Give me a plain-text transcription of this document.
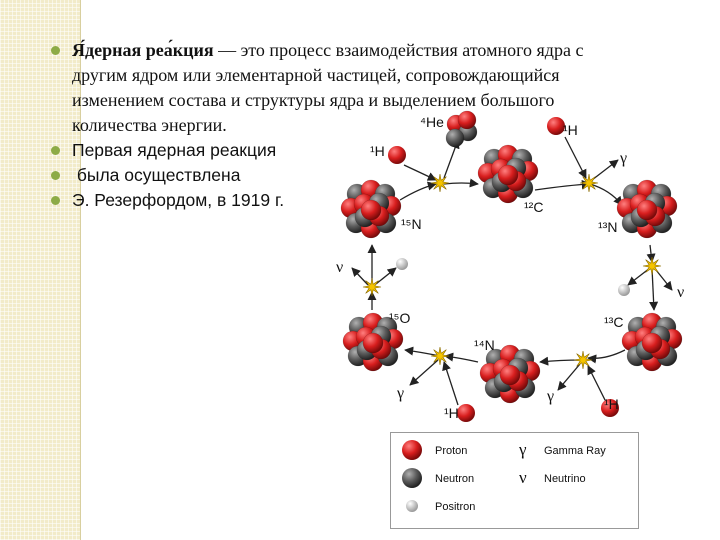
Я́дерная реа́кция — это процесс взаимодействия атомного ядра с
другим ядром или элементарной частицей, сопровождающийся
изменением состава и структуры ядра и выделением большого
количества энергии.
Первая ядерная реакция
была осуществлена
Э. Резерфордом, в 1919 г.
⁴He
¹H
¹H
γ
¹²C
¹³N
ν
¹³C
¹H
γ
¹⁴N
γ
¹H
¹⁵O
ν
¹⁵N
Proton
Neutron
Positron
γ Gamma Ray
ν Neutrino
